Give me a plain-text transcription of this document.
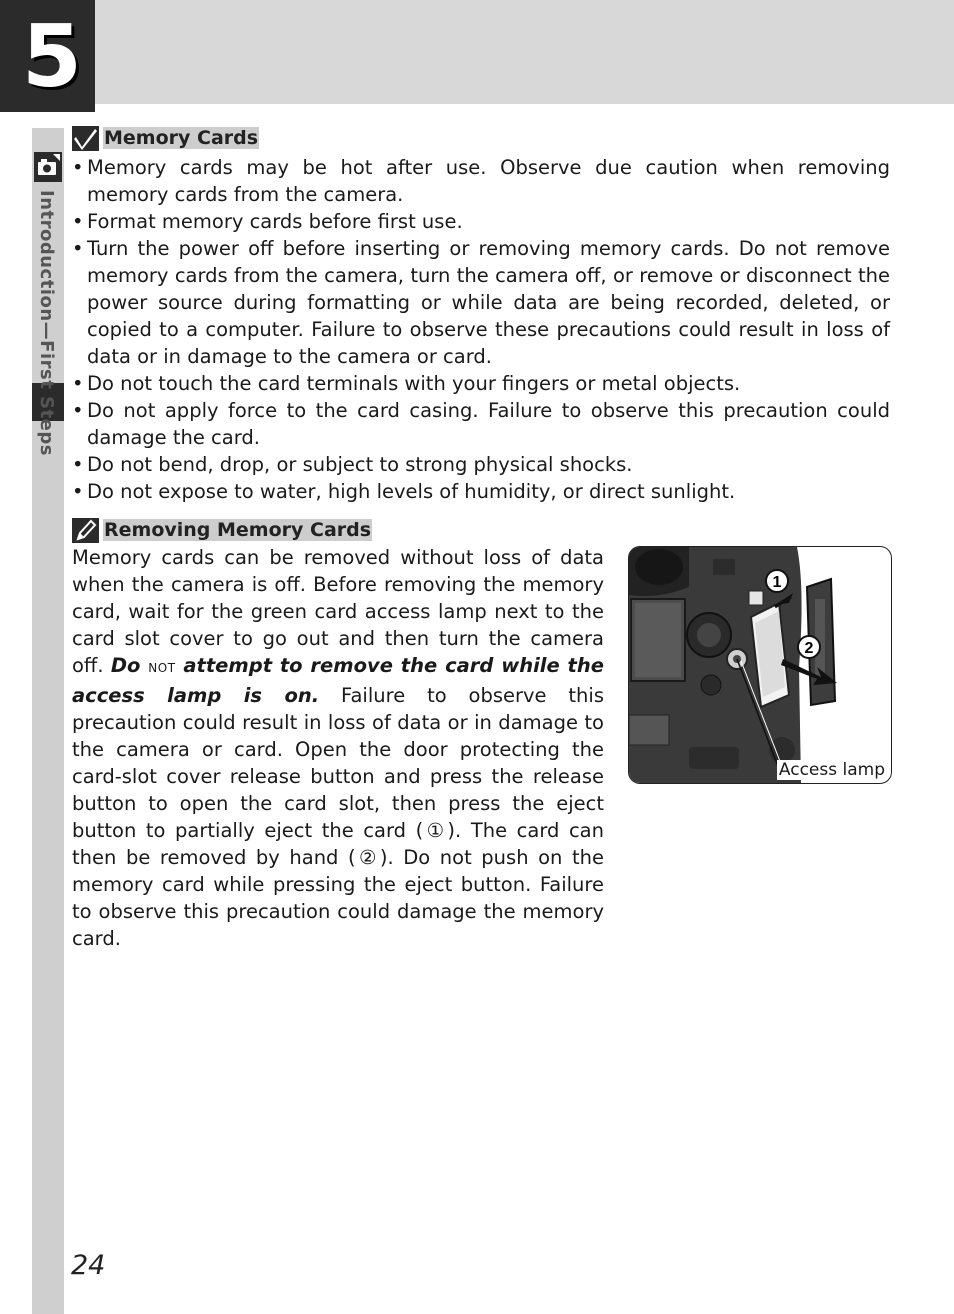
5
Introduction—First Steps
Memory Cards
• Memory cards may be hot after use. Observe due caution when removing memory cards from the camera.
• Format memory cards before first use.
• Turn the power off before inserting or removing memory cards. Do not remove memory cards from the camera, turn the camera off, or remove or disconnect the power source during formatting or while data are being recorded, deleted, or copied to a computer. Failure to observe these precautions could result in loss of data or in damage to the camera or card.
• Do not touch the card terminals with your fingers or metal objects.
• Do not apply force to the card casing. Failure to observe this precaution could damage the card.
• Do not bend, drop, or subject to strong physical shocks.
• Do not expose to water, high levels of humidity, or direct sunlight.
Removing Memory Cards

Memory cards can be removed without loss of data when the camera is off. Before removing the memory card, wait for the green card access lamp next to the card slot cover to go out and then turn the camera off. Do NOT attempt to remove the card while the access lamp is on. Failure to observe this precaution could result in loss of data or in damage to the camera or card. Open the door protecting the card-slot cover release button and press the release button to open the card slot, then press the eject button to partially eject the card (①). The card can then be removed by hand (②). Do not push on the memory card while pressing the eject button. Failure to observe this precaution could damage the memory card.

1
2
Access lamp
24
